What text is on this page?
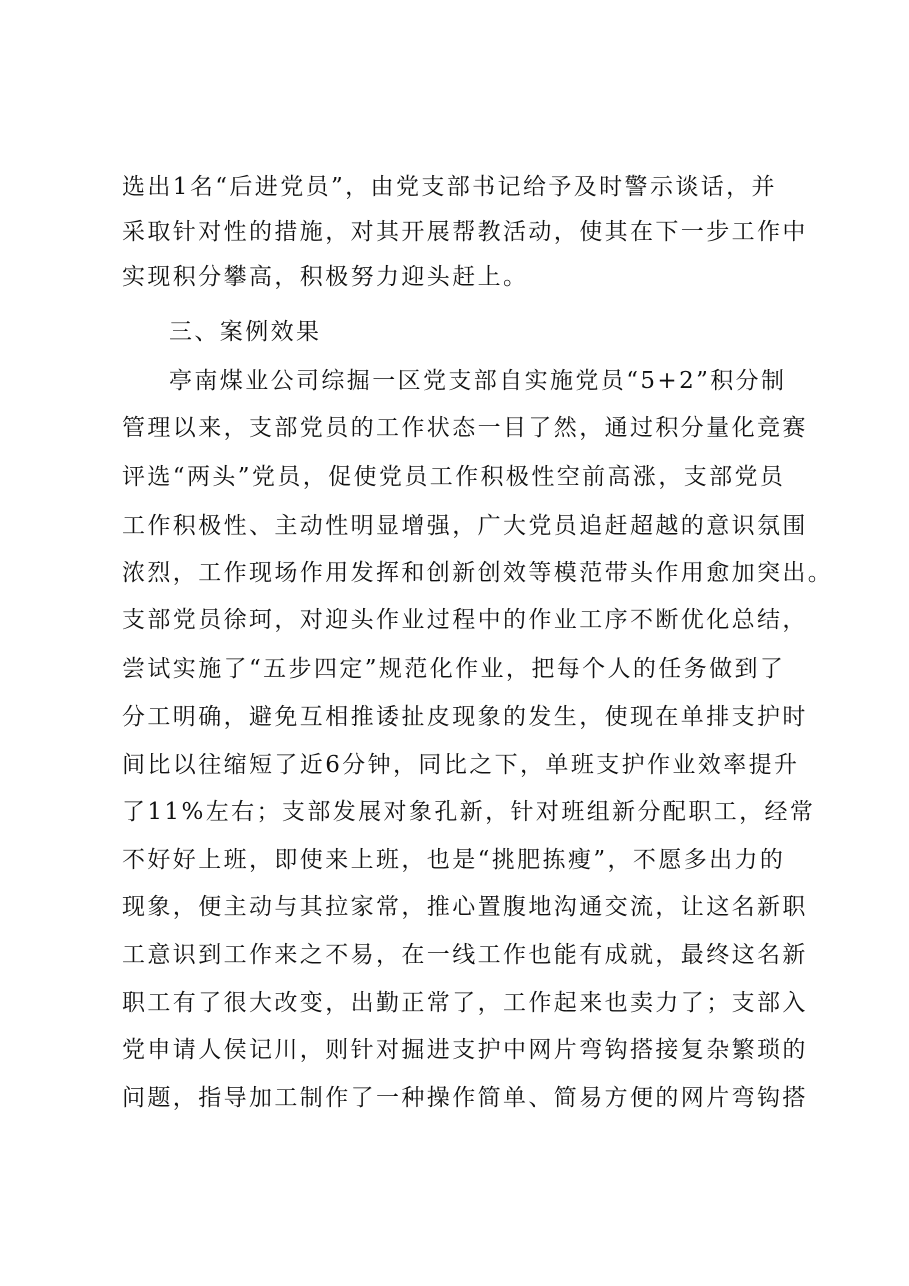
选出1名“后进党员”，由党支部书记给予及时警示谈话，并
采取针对性的措施，对其开展帮教活动，使其在下一步工作中
实现积分攀高，积极努力迎头赶上。
三、案例效果
亭南煤业公司综掘一区党支部自实施党员“5+2”积分制
管理以来，支部党员的工作状态一目了然，通过积分量化竞赛
评选“两头”党员，促使党员工作积极性空前高涨，支部党员
工作积极性、主动性明显增强，广大党员追赶超越的意识氛围
浓烈，工作现场作用发挥和创新创效等模范带头作用愈加突出。
支部党员徐珂，对迎头作业过程中的作业工序不断优化总结，
尝试实施了“五步四定”规范化作业，把每个人的任务做到了
分工明确，避免互相推诿扯皮现象的发生，使现在单排支护时
间比以往缩短了近6分钟，同比之下，单班支护作业效率提升
了11%左右；支部发展对象孔新，针对班组新分配职工，经常
不好好上班，即使来上班，也是“挑肥拣瘦”，不愿多出力的
现象，便主动与其拉家常，推心置腹地沟通交流，让这名新职
工意识到工作来之不易，在一线工作也能有成就，最终这名新
职工有了很大改变，出勤正常了，工作起来也卖力了；支部入
党申请人侯记川，则针对掘进支护中网片弯钩搭接复杂繁琐的
问题，指导加工制作了一种操作简单、简易方便的网片弯钩搭
